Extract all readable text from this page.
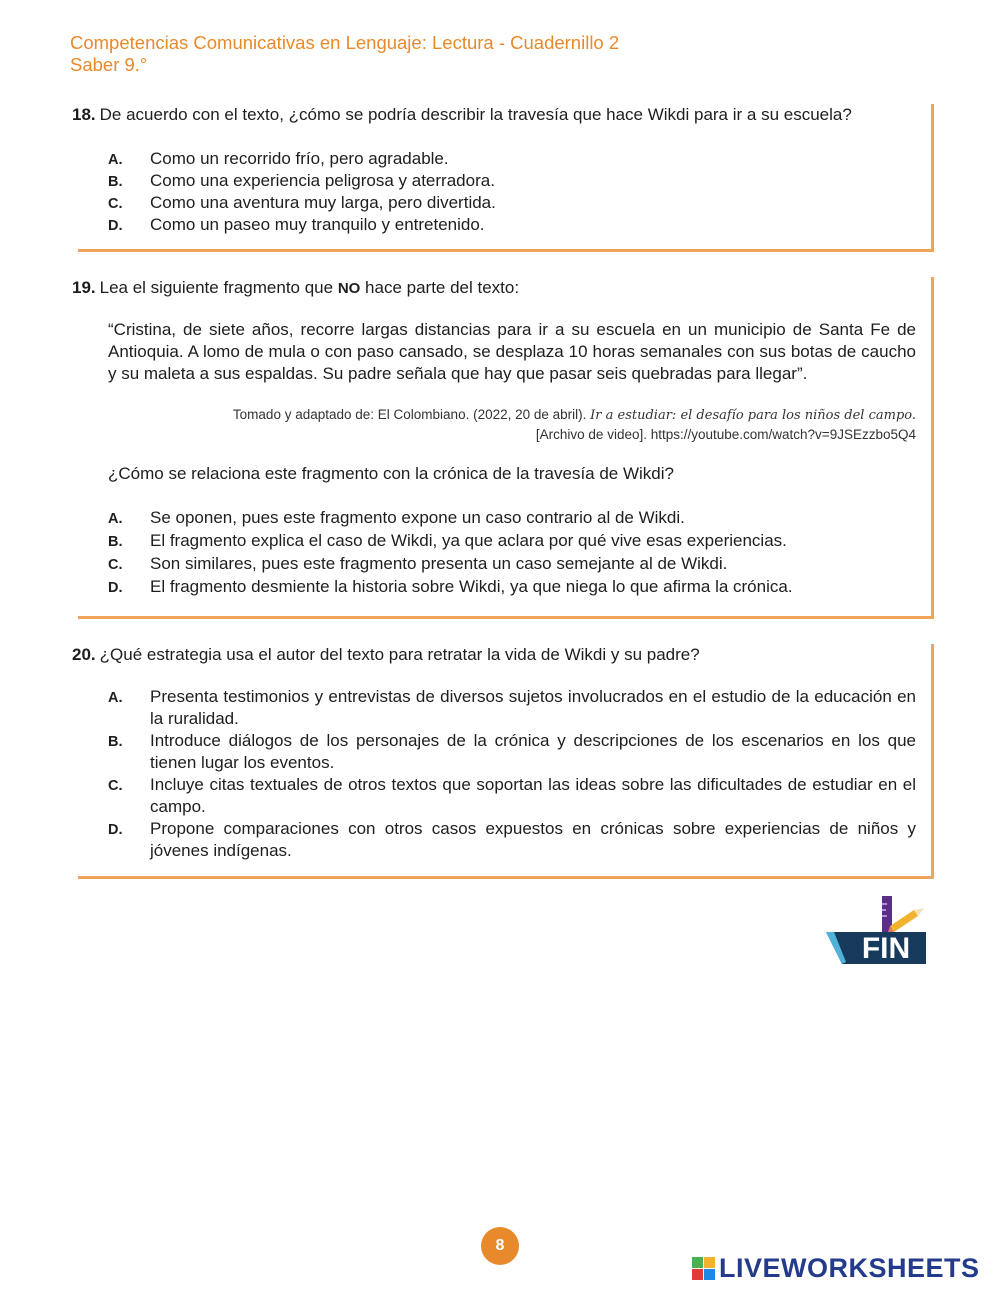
Competencias Comunicativas en Lenguaje: Lectura - Cuadernillo 2
Saber 9.°
18. De acuerdo con el texto, ¿cómo se podría describir la travesía que hace Wikdi para ir a su escuela?
A. Como un recorrido frío, pero agradable.
B. Como una experiencia peligrosa y aterradora.
C. Como una aventura muy larga, pero divertida.
D. Como un paseo muy tranquilo y entretenido.
19. Lea el siguiente fragmento que NO hace parte del texto:
“Cristina, de siete años, recorre largas distancias para ir a su escuela en un municipio de Santa Fe de Antioquia. A lomo de mula o con paso cansado, se desplaza 10 horas semanales con sus botas de caucho y su maleta a sus espaldas. Su padre señala que hay que pasar seis quebradas para llegar”.
Tomado y adaptado de: El Colombiano. (2022, 20 de abril). Ir a estudiar: el desafío para los niños del campo.
[Archivo de video]. https://youtube.com/watch?v=9JSEzzbo5Q4
¿Cómo se relaciona este fragmento con la crónica de la travesía de Wikdi?
A. Se oponen, pues este fragmento expone un caso contrario al de Wikdi.
B. El fragmento explica el caso de Wikdi, ya que aclara por qué vive esas experiencias.
C. Son similares, pues este fragmento presenta un caso semejante al de Wikdi.
D. El fragmento desmiente la historia sobre Wikdi, ya que niega lo que afirma la crónica.
20. ¿Qué estrategia usa el autor del texto para retratar la vida de Wikdi y su padre?
A. Presenta testimonios y entrevistas de diversos sujetos involucrados en el estudio de la educación en la ruralidad.
B. Introduce diálogos de los personajes de la crónica y descripciones de los escenarios en los que tienen lugar los eventos.
C. Incluye citas textuales de otros textos que soportan las ideas sobre las dificultades de estudiar en el campo.
D. Propone comparaciones con otros casos expuestos en crónicas sobre experiencias de niños y jóvenes indígenas.
FIN
8
LIVEWORKSHEETS
